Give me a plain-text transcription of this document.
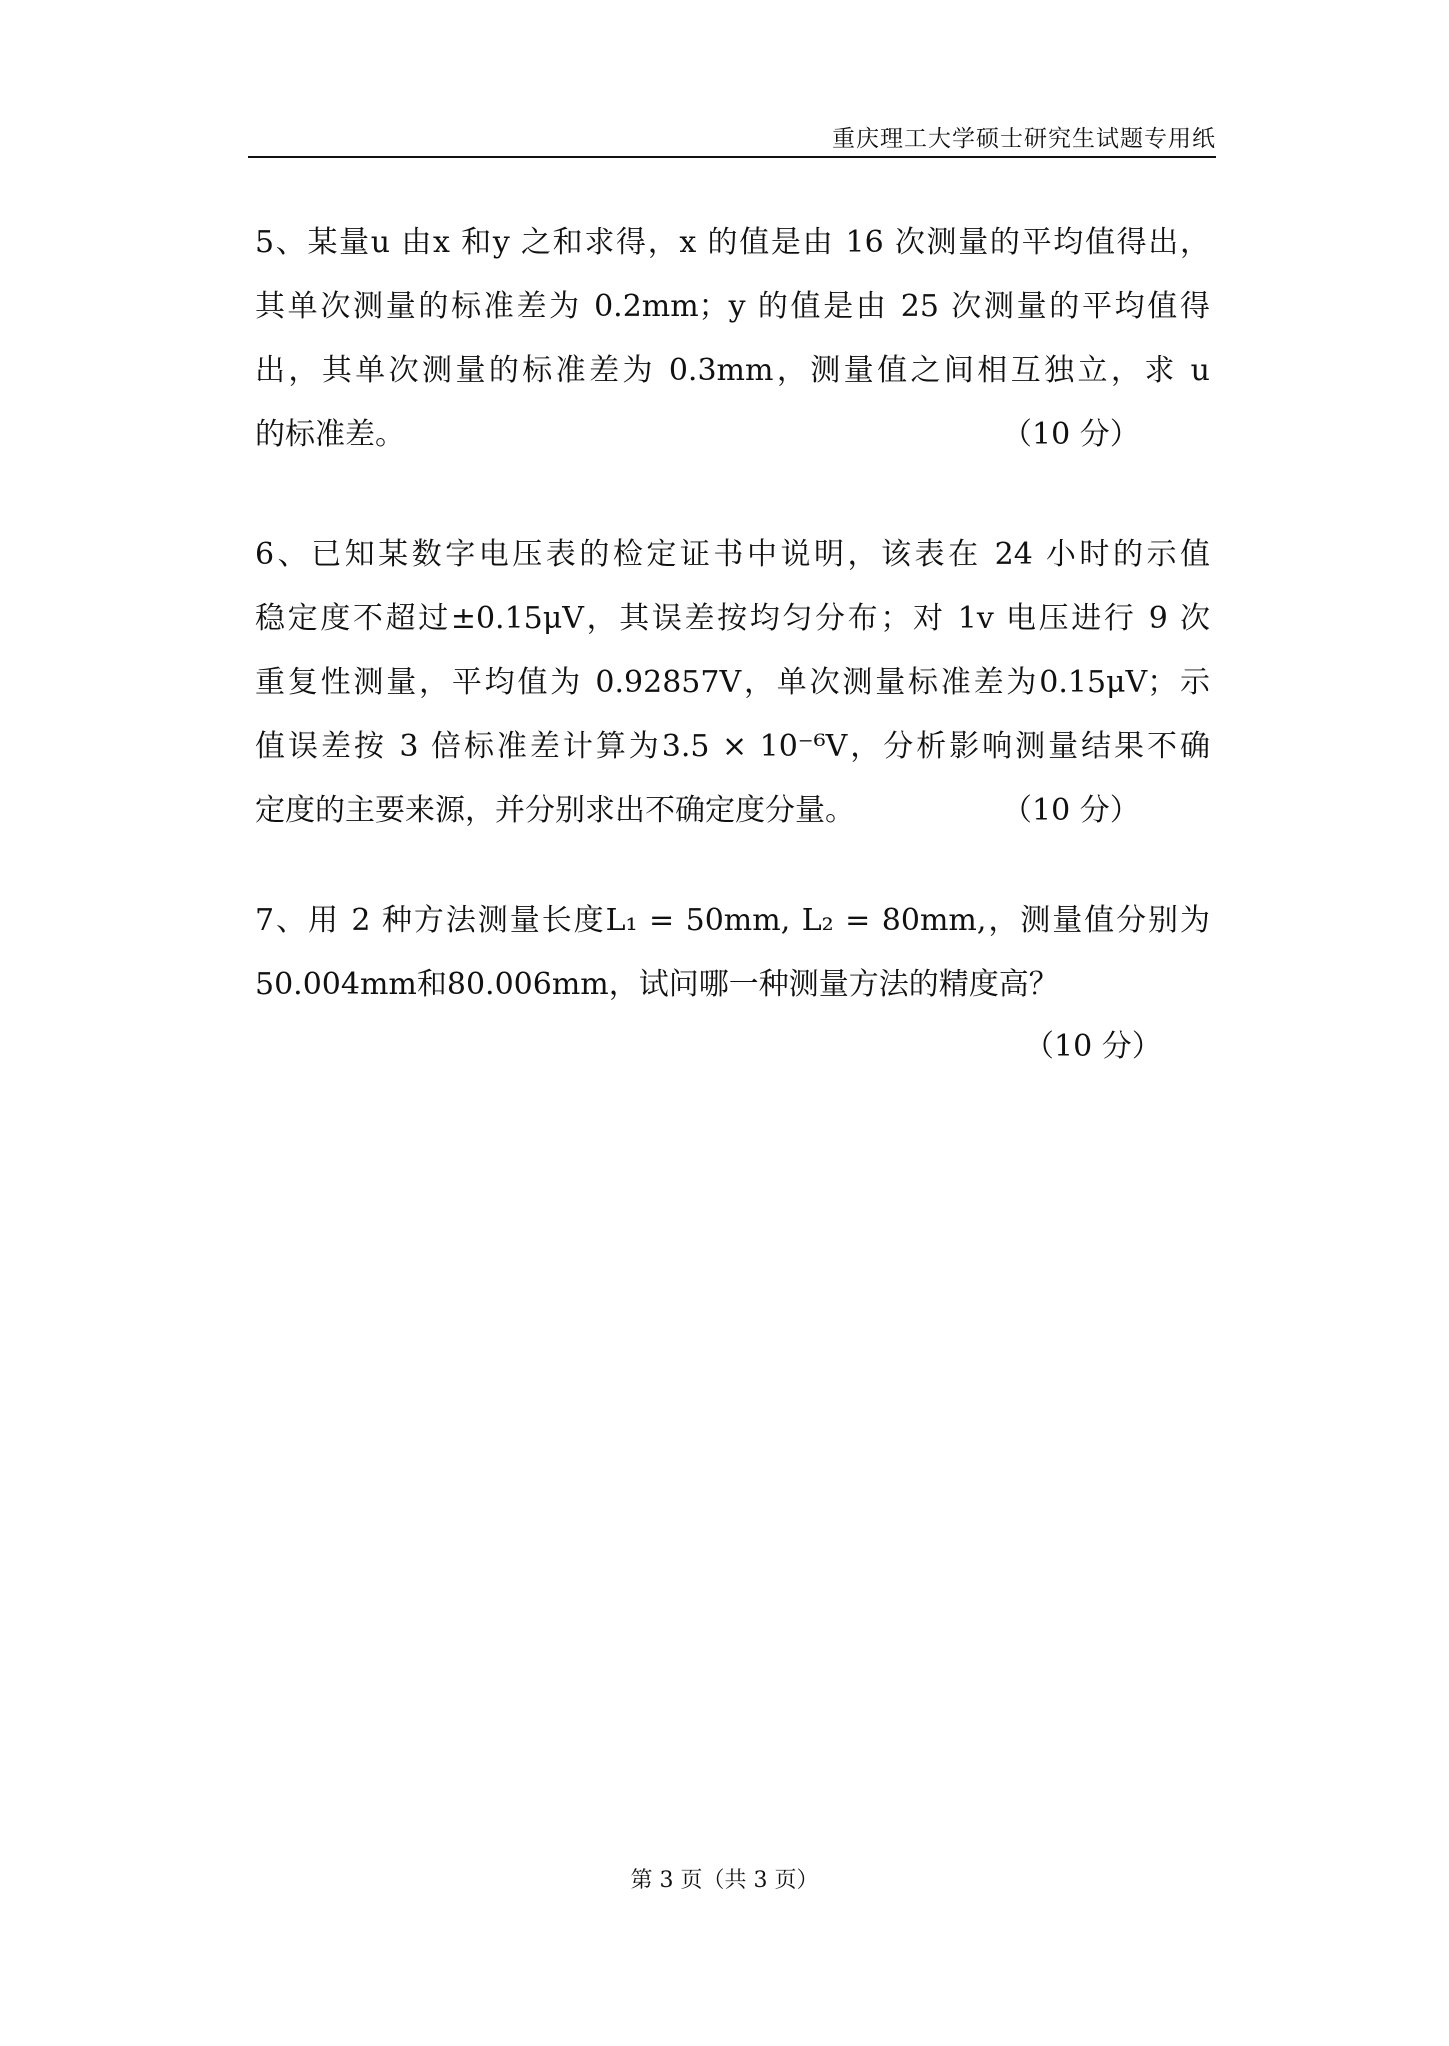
重庆理工大学硕士研究生试题专用纸
5、某量u 由x 和y 之和求得，x 的值是由 16 次测量的平均值得出，
其单次测量的标准差为 0.2mm；y 的值是由 25 次测量的平均值得
出，其单次测量的标准差为 0.3mm，测量值之间相互独立，求 u
的标准差。	（10 分）
6、已知某数字电压表的检定证书中说明，该表在 24 小时的示值
稳定度不超过±0.15μV，其误差按均匀分布；对 1v 电压进行 9 次
重复性测量，平均值为 0.92857V，单次测量标准差为0.15μV；示
值误差按 3 倍标准差计算为3.5 × 10⁻⁶V，分析影响测量结果不确
定度的主要来源，并分别求出不确定度分量。	（10 分）
7、用 2 种方法测量长度L₁ = 50mm, L₂ = 80mm,，测量值分别为
50.004mm和80.006mm，试问哪一种测量方法的精度高？
（10 分）
第 3 页（共 3 页）
